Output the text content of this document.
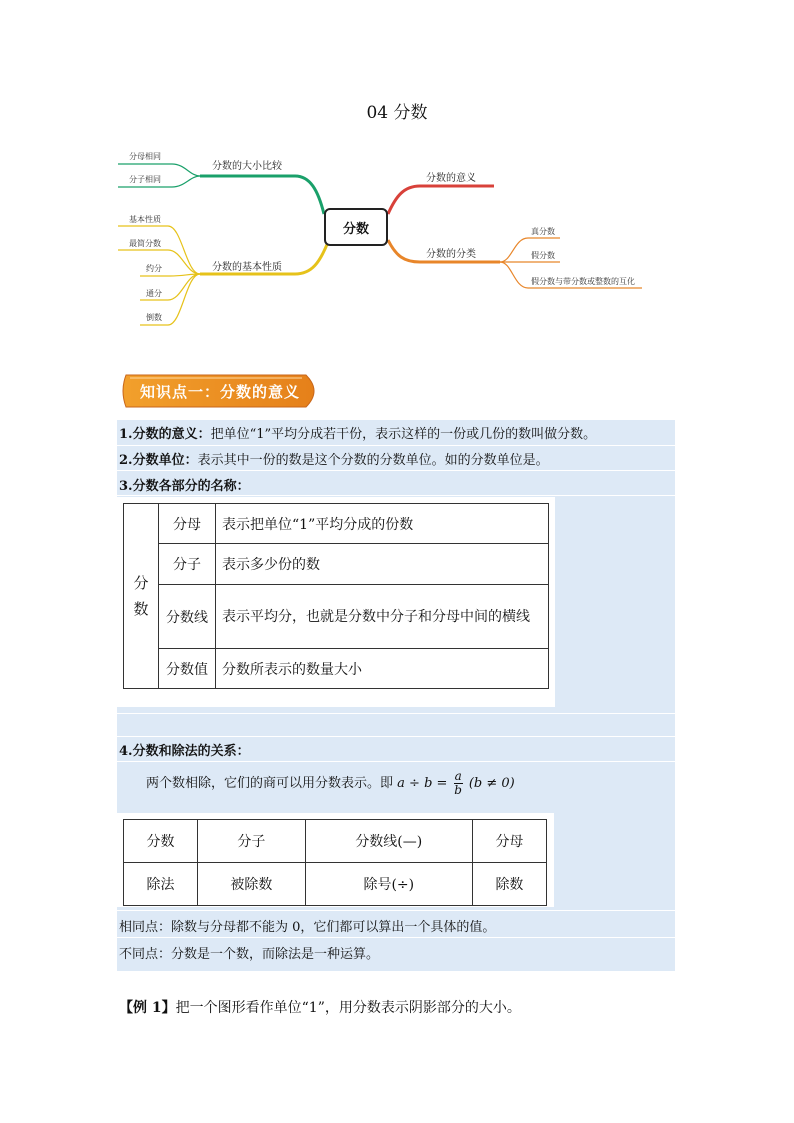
04 分数
分数
分数的大小比较
分母相同
分子相同
分数的基本性质
基本性质
最简分数
约分
通分
倒数
分数的意义
分数的分类
真分数
假分数
假分数与带分数或整数的互化
知识点一：分数的意义
1.分数的意义：把单位“1”平均分成若干份，表示这样的一份或几份的数叫做分数。
2.分数单位：表示其中一份的数是这个分数的分数单位。如的分数单位是。
3.分数各部分的名称：
分
数	分母	表示把单位“1”平均分成的份数
	分子	表示多少份的数
	分数线	表示平均分，也就是分数中分子和分母中间的横线
	分数值	分数所表示的数量大小
4.分数和除法的关系：
两个数相除，它们的商可以用分数表示。即 $a \div b = \frac{a}{b} (b \ne 0)$
分数	分子	分数线(—)	分母
除法	被除数	除号(÷)	除数
相同点：除数与分母都不能为 0，它们都可以算出一个具体的值。
不同点：分数是一个数，而除法是一种运算。
【例 1】把一个图形看作单位“1”，用分数表示阴影部分的大小。
